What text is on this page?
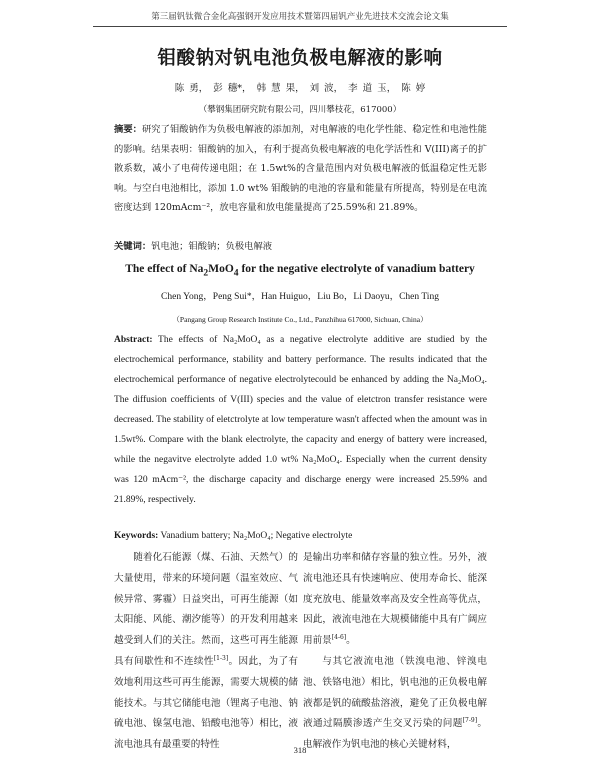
第三届钒钛微合金化高强钢开发应用技术暨第四届钒产业先进技术交流会论文集
钼酸钠对钒电池负极电解液的影响
陈 勇， 彭 穗*， 韩 慧 果， 刘 波， 李 道 玉， 陈 婷
（攀钢集团研究院有限公司，四川攀枝花，617000）
摘要：研究了钼酸钠作为负极电解液的添加剂，对电解液的电化学性能、稳定性和电池性能的影响。结果表明：钼酸钠的加入，有利于提高负极电解液的电化学活性和 V(III)离子的扩散系数，减小了电荷传递电阻；在 1.5wt%的含量范围内对负极电解液的低温稳定性无影响。与空白电池相比，添加 1.0 wt% 钼酸钠的电池的容量和能量有所提高，特别是在电流密度达到 120mAcm⁻²，放电容量和放电能量提高了25.59%和 21.89%。
关键词：钒电池；钼酸钠；负极电解液
The effect of $Na_2MoO_4$ for the negative electrolyte of vanadium battery
Chen Yong，Peng Sui*，Han Huiguo，Liu Bo，Li Daoyu，Chen Ting
（Pangang Group Research Institute Co., Ltd., Panzhihua 617000, Sichuan, China）
Abstract: The effects of Na₂MoO₄ as a negative electrolyte additive are studied by the electrochemical performance, stability and battery performance. The results indicated that the electrochemical performance of negative electrolytecould be enhanced by adding the Na₂MoO₄. The diffusion coefficients of V(III) species and the value of eletctron transfer resistance were decreased. The stability of eletctrolyte at low temperature wasn't affected when the amount was in 1.5wt%. Compare with the blank electrolyte, the capacity and energy of battery were increased, while the negavitve electrolyte added 1.0 wt% Na₂MoO₄. Especially when the current density was 120 mAcm⁻², the discharge capacity and discharge energy were increased 25.59% and 21.89%, respectively.
Keywords: Vanadium battery; Na₂MoO₄; Negative electrolyte

随着化石能源（煤、石油、天然气）的大量使用，带来的环境问题（温室效应、气候异常、雾霾）日益突出，可再生能源（如太阳能、风能、潮汐能等）的开发利用越来越受到人们的关注。然而，这些可再生能源具有间歇性和不连续性[1-3]。因此，为了有效地利用这些可再生能源，需要大规模的储能技术。与其它储能电池（锂离子电池、钠硫电池、镍氢电池、铅酸电池等）相比，液流电池具有最重要的特性

是输出功率和储存容量的独立性。另外，液流电池还具有快速响应、使用寿命长、能深度充放电、能量效率高及安全性高等优点，因此，液流电池在大规模储能中具有广阔应用前景[4-6]。

与其它液流电池（铁溴电池、锌溴电池、铁铬电池）相比，钒电池的正负极电解液都是钒的硫酸盐溶液，避免了正负极电解液通过隔膜渗透产生交叉污染的问题[7-9]。电解液作为钒电池的核心关键材料，

318
